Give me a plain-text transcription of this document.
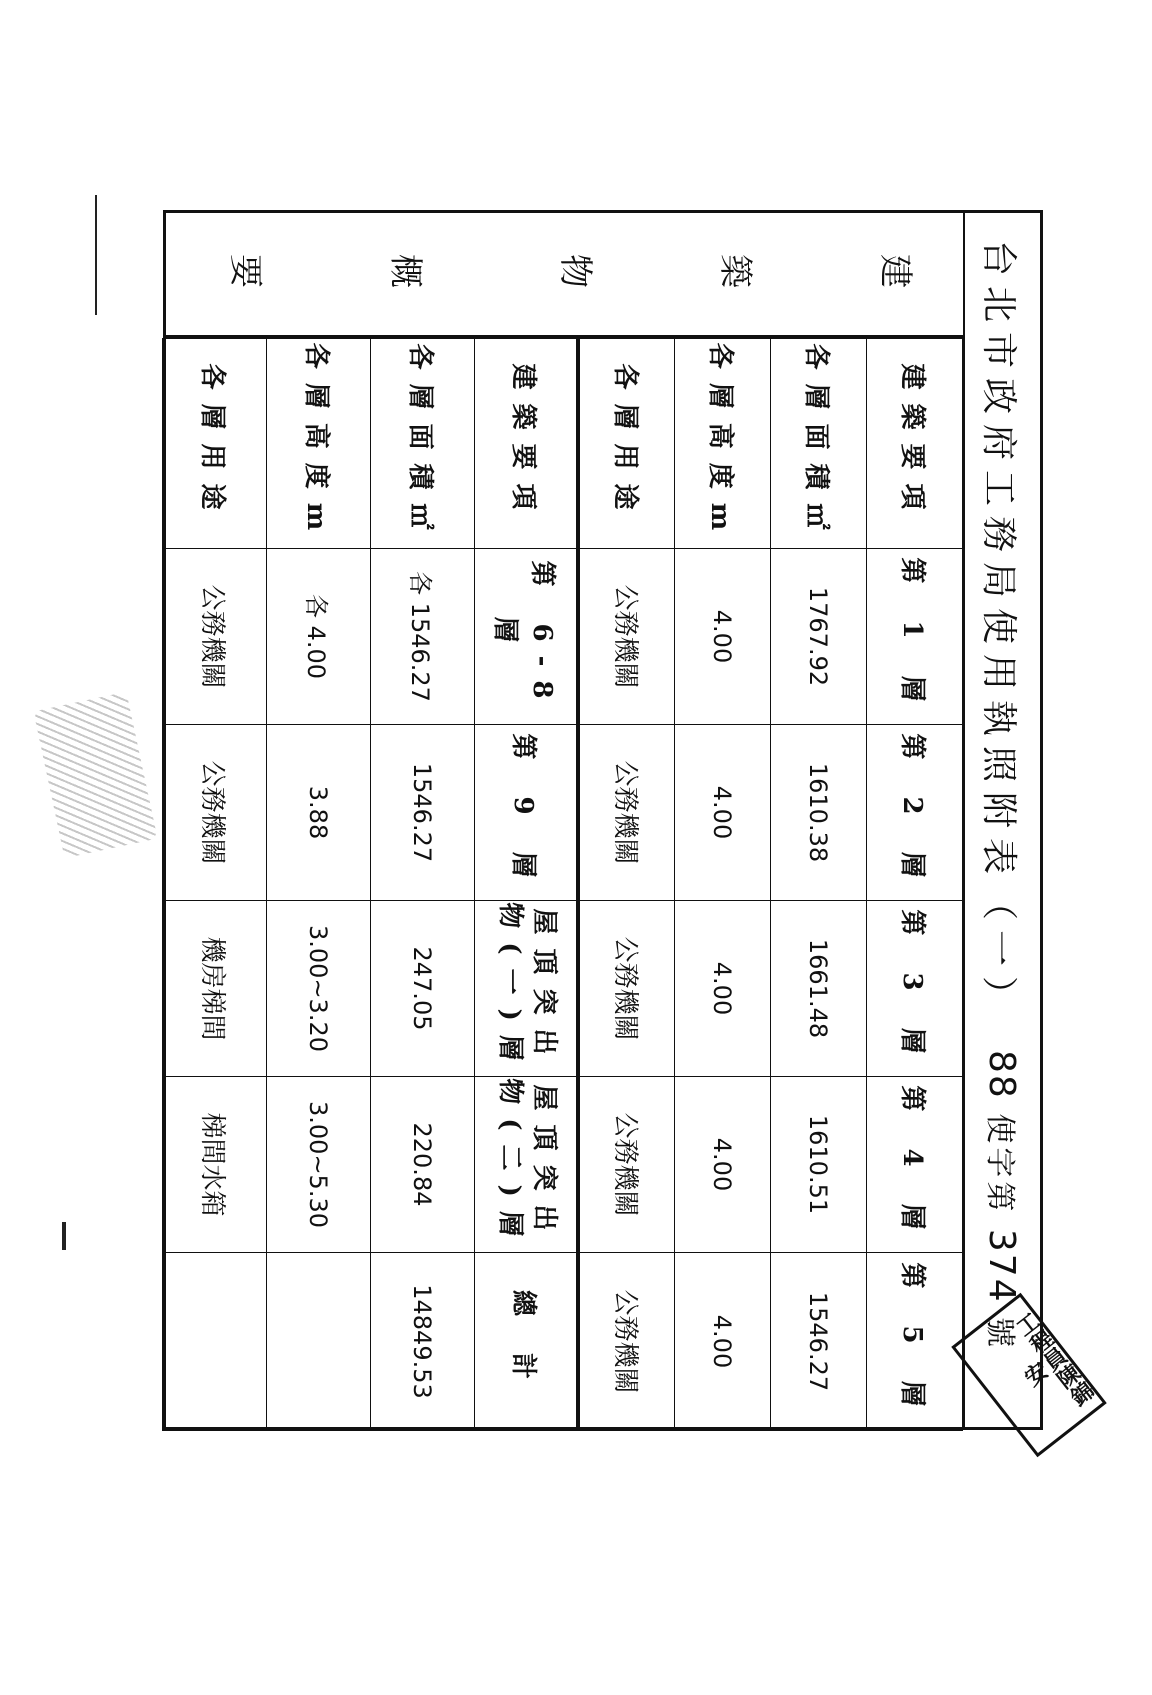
台北市政府工務局使用執照附表（一）
88 使字第 374 號
建
築
物
概
要
建築要項	第 1 層	第 2 層	第 3 層	第 4 層	第 5 層
各層面積㎡	1767.92	1610.38	1661.48	1610.51	1546.27
各層高度m	4.00	4.00	4.00	4.00	4.00
各層用途	公務機關	公務機關	公務機關	公務機關	公務機關
建築要項	第 6-8 層	第 9 層	屋頂突出物(一)層	屋頂突出物(二)層	總 計
各層面積㎡	各 1546.27	1546.27	247.05	220.84	14849.53
各層高度m	各 4.00	3.88	3.00~3.20	3.00~5.30	
各層用途	公務機關	公務機關	機房梯間	梯間水箱	
工程員陳錦安
